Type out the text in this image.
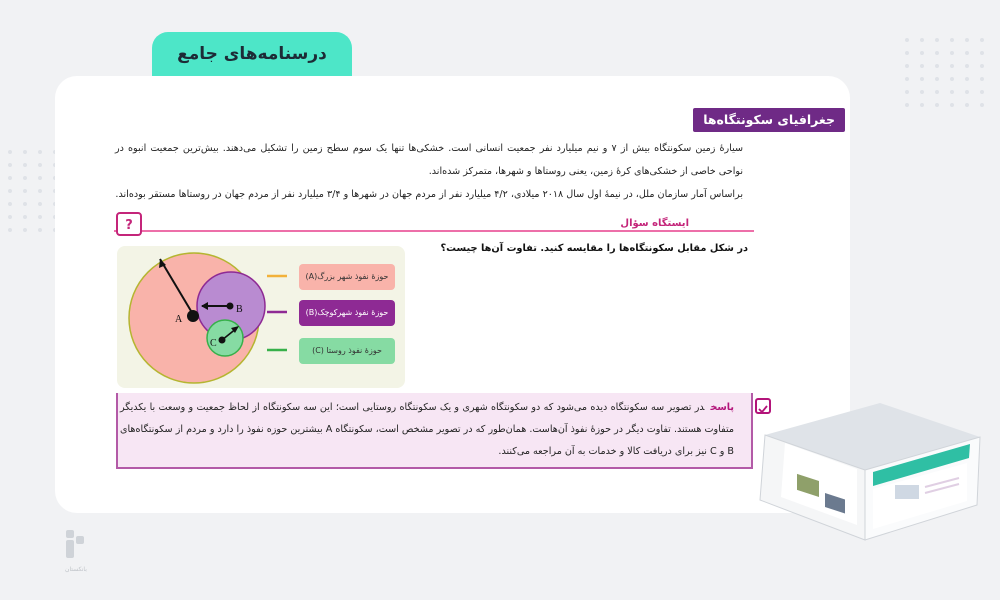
درسنامه‌های جامع
جغرافیای سکونتگاه‌ها
سیارهٔ زمین سکونتگاه بیش از ۷ و نیم میلیارد نفر جمعیت انسانی است. خشکی‌ها تنها یک سوم سطح زمین را تشکیل می‌دهند. بیش‌ترین جمعیت انبوه در نواحی خاصی از خشکی‌های کرهٔ زمین، یعنی روستاها و شهرها، متمرکز شده‌اند.
براساس آمار سازمان ملل، در نیمهٔ اول سال ۲۰۱۸ میلادی، ۴/۲ میلیارد نفر از مردم جهان در شهرها و ۳/۴ میلیارد نفر از مردم جهان در روستاها مستقر بوده‌اند.
?	ایستگاه سؤال
در شکل مقابل سکونتگاه‌ها را مقایسه کنید. تفاوت آن‌ها چیست؟
A
B
C
حوزهٔ نفوذ شهر بزرگ(A)
حوزهٔ نفوذ شهرکوچک(B)
حوزهٔ نفوذ روستا (C)
پاسخدر تصویر سه سکونتگاه دیده می‌شود که دو سکونتگاه شهری و یک سکونتگاه روستایی است؛ این سه سکونتگاه از لحاظ جمعیت و وسعت با یکدیگر متفاوت هستند. تفاوت دیگر در حوزهٔ نفوذ آن‌هاست. همان‌طور که در تصویر مشخص است، سکونتگاه A بیشترین حوزه نفوذ را دارد و مردم از سکونتگاه‌های B و C نیز برای دریافت کالا و خدمات به آن مراجعه می‌کنند.
بانکستان
